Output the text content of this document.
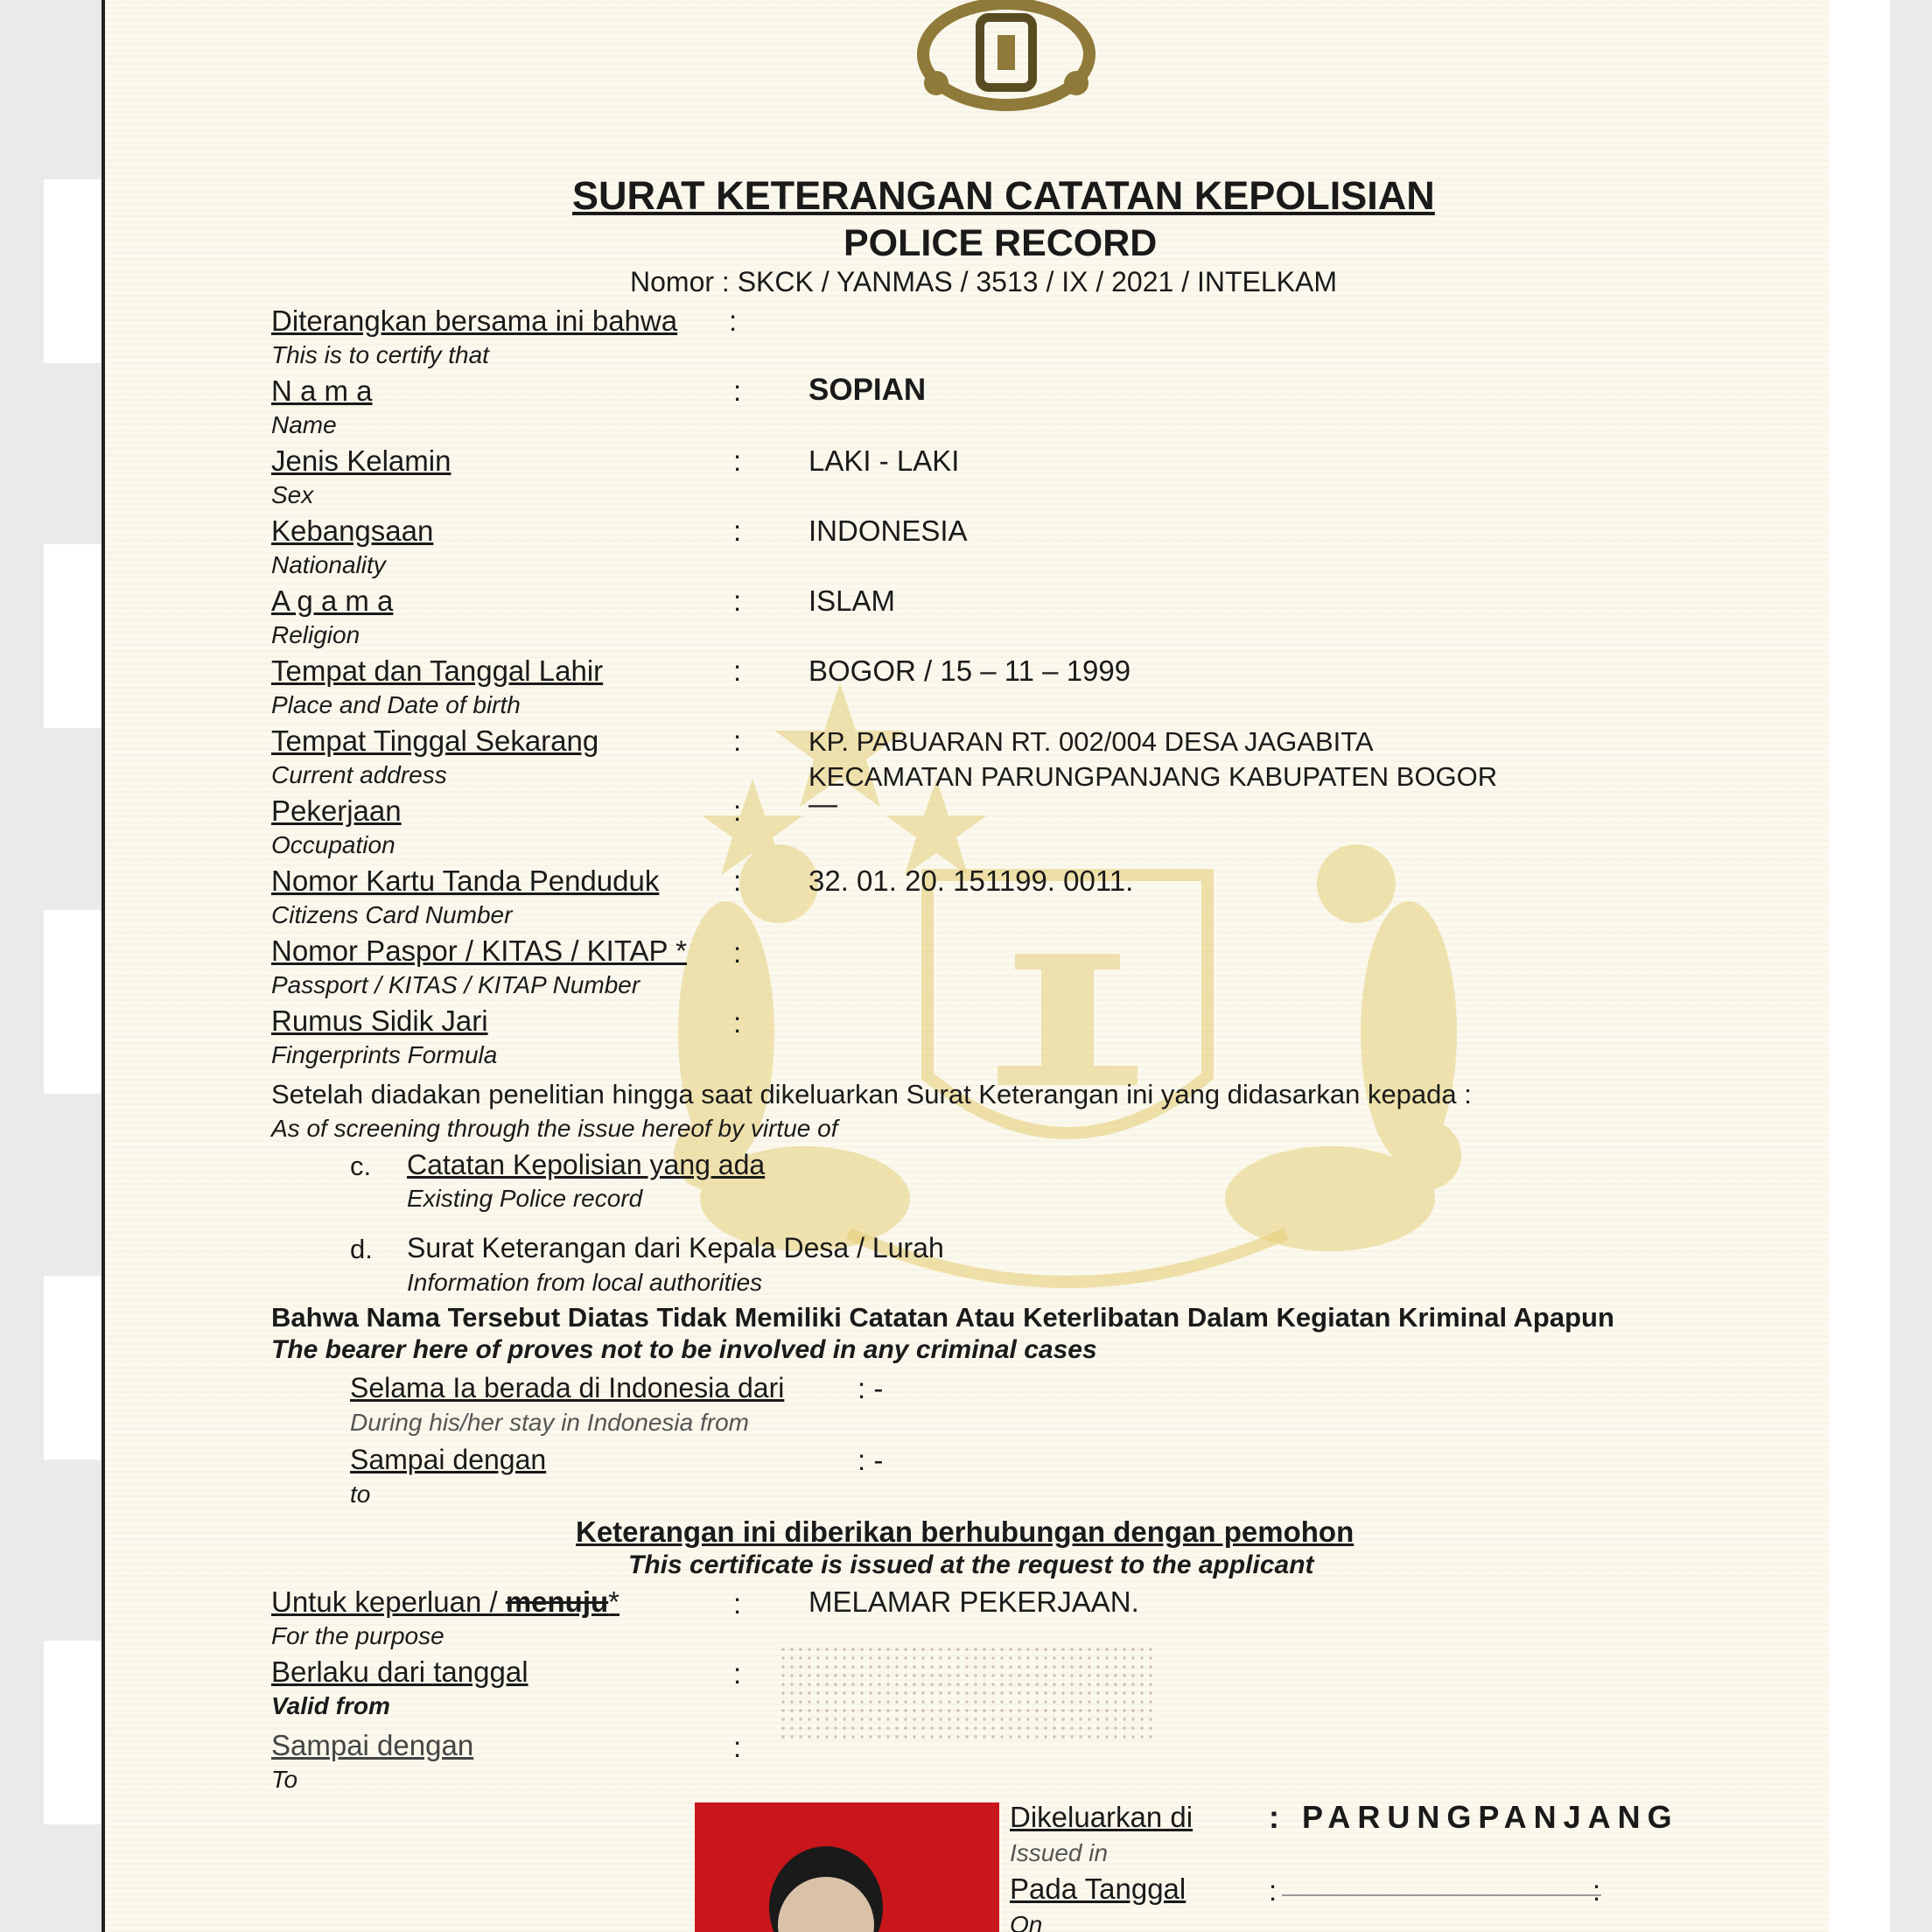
SURAT KETERANGAN CATATAN KEPOLISIAN
POLICE RECORD
Nomor : SKCK / YANMAS / 3513 / IX / 2021 / INTELKAM
Diterangkan bersama ini bahwa :
This is to certify that
N a m a
Name
: SOPIAN
Jenis Kelamin
Sex
: LAKI - LAKI
Kebangsaan
Nationality
: INDONESIA
A g a m a
Religion
: ISLAM
Tempat dan Tanggal Lahir
Place and Date of birth
: BOGOR / 15 – 11 – 1999
Tempat Tinggal Sekarang
Current address
: KP. PABUARAN RT. 002/004 DESA JAGABITA
KECAMATAN PARUNGPANJANG KABUPATEN BOGOR
Pekerjaan
Occupation
: —
Nomor Kartu Tanda Penduduk
Citizens Card Number
: 32. 01. 20. 151199. 0011.
Nomor Paspor / KITAS / KITAP *
Passport / KITAS / KITAP Number
:
Rumus Sidik Jari
Fingerprints Formula
:
Setelah diadakan penelitian hingga saat dikeluarkan Surat Keterangan ini yang didasarkan kepada :
As of screening through the issue hereof by virtue of
c. Catatan Kepolisian yang ada
Existing Police record
d. Surat Keterangan dari Kepala Desa / Lurah
Information from local authorities
Bahwa Nama Tersebut Diatas Tidak Memiliki Catatan Atau Keterlibatan Dalam Kegiatan Kriminal Apapun
The bearer here of proves not to be involved in any criminal cases
Selama Ia berada di Indonesia dari	: -
During his/her stay in Indonesia from
Sampai dengan	: -
to
Keterangan ini diberikan berhubungan dengan pemohon
This certificate is issued at the request to the applicant
Untuk keperluan / menuju*	: MELAMAR PEKERJAAN.
For the purpose
Berlaku dari tanggal	:
Valid from
Sampai dengan	:
To
Dikeluarkan di : PARUNGPANJANG
Issued in
Pada Tanggal	:	:
On
